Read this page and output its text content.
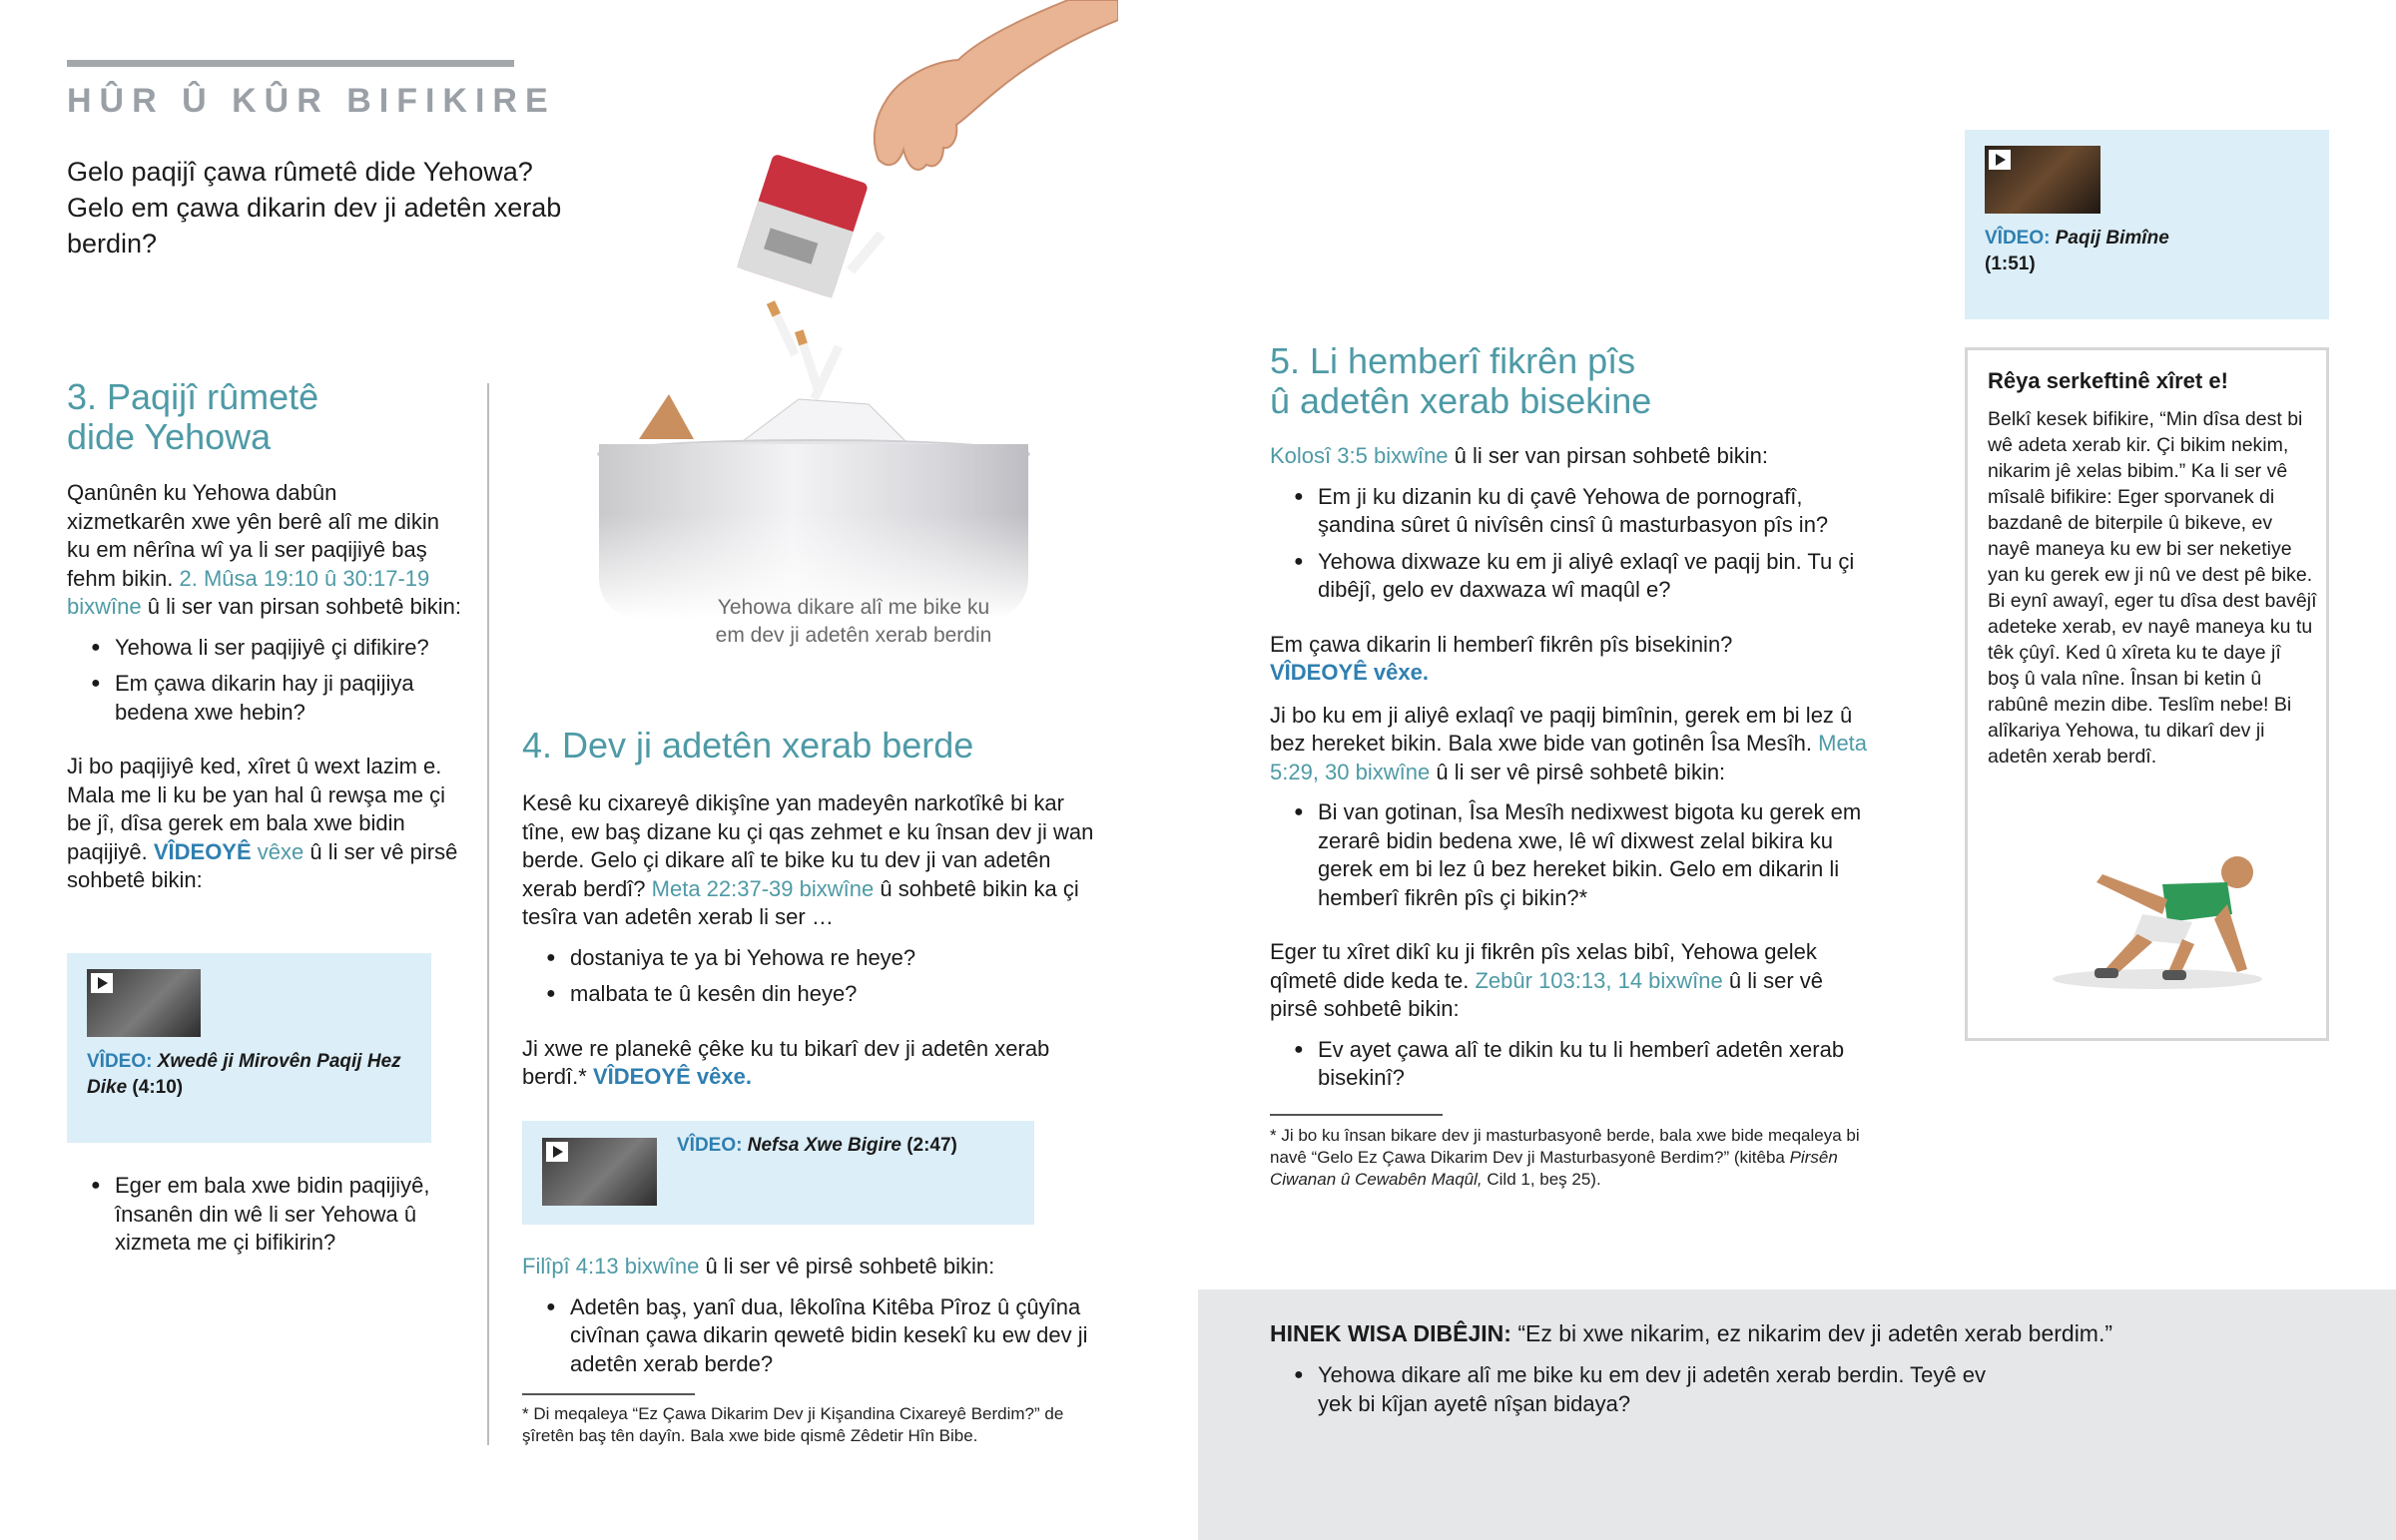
HÛR Û KÛR BIFIKIRE
Gelo paqijî çawa rûmetê dide Yehowa? Gelo em çawa dikarin dev ji adetên xerab berdin?
3. Paqijî rûmetê
dide Yehowa

Qanûnên ku Yehowa dabûn xizmetkarên xwe yên berê alî me dikin ku em nêrîna wî ya li ser paqijiyê baş fehm bikin. 2. Mûsa 19:10 û 30:17-19 bixwîne û li ser van pirsan sohbetê bikin:

● Yehowa li ser paqijiyê çi difikire?
● Em çawa dikarin hay ji paqijiya bedena xwe hebin?

Ji bo paqijiyê ked, xîret û wext lazim e. Mala me li ku be yan hal û rewşa me çi be jî, dîsa gerek em bala xwe bidin paqijiyê. VÎDEOYÊ vêxe û li ser vê pirsê sohbetê bikin:

VÎDEO: Xwedê ji Mirovên Paqij Hez Dike (4:10)
● Eger em bala xwe bidin paqijiyê, însanên din wê li ser Yehowa û xizmeta me çi bifikirin?
Yehowa dikare alî me bike ku em dev ji adetên xerab berdin
4. Dev ji adetên xerab berde

Kesê ku cixareyê dikişîne yan madeyên narkotîkê bi kar tîne, ew baş dizane ku çi qas zehmet e ku însan dev ji wan berde. Gelo çi dikare alî te bike ku tu dev ji van adetên xerab berdî? Meta 22:37-39 bixwîne û sohbetê bikin ka çi tesîra van adetên xerab li ser …

● dostaniya te ya bi Yehowa re heye?
● malbata te û kesên din heye?

Ji xwe re planekê çêke ku tu bikarî dev ji adetên xerab berdî.* VÎDEOYÊ vêxe.

VÎDEO: Nefsa Xwe Bigire (2:47)

Filîpî 4:13 bixwîne û li ser vê pirsê sohbetê bikin:

● Adetên baş, yanî dua, lêkolîna Kitêba Pîroz û çûyîna civînan çawa dikarin qewetê bidin kesekî ku ew dev ji adetên xerab berde?
* Di meqaleya “Ez Çawa Dikarim Dev ji Kişandina Cixareyê Berdim?” de şîretên baş tên dayîn. Bala xwe bide qismê Zêdetir Hîn Bibe.
5. Li hemberî fikrên pîs
û adetên xerab bisekine

Kolosî 3:5 bixwîne û li ser van pirsan sohbetê bikin:

● Em ji ku dizanin ku di çavê Yehowa de pornografî, şandina sûret û nivîsên cinsî û masturbasyon pîs in?
● Yehowa dixwaze ku em ji aliyê exlaqî ve paqij bin. Tu çi dibêjî, gelo ev daxwaza wî maqûl e?

Em çawa dikarin li hemberî fikrên pîs bisekinin?
VÎDEOYÊ vêxe.

Ji bo ku em ji aliyê exlaqî ve paqij bimînin, gerek em bi lez û bez hereket bikin. Bala xwe bide van gotinên Îsa Mesîh. Meta 5:29, 30 bixwîne û li ser vê pirsê sohbetê bikin:

● Bi van gotinan, Îsa Mesîh nedixwest bigota ku gerek em zerarê bidin bedena xwe, lê wî dixwest zelal bikira ku gerek em bi lez û bez hereket bikin. Gelo em dikarin li hemberî fikrên pîs çi bikin?*

Eger tu xîret dikî ku ji fikrên pîs xelas bibî, Yehowa gelek qîmetê dide keda te. Zebûr 103:13, 14 bixwîne û li ser vê pirsê sohbetê bikin:

● Ev ayet çawa alî te dikin ku tu li hemberî adetên xerab bisekinî?
* Ji bo ku însan bikare dev ji masturbasyonê berde, bala xwe bide meqaleya bi navê “Gelo Ez Çawa Dikarim Dev ji Masturbasyonê Berdim?” (kitêba Pirsên Ciwanan û Cewabên Maqûl, Cild 1, beş 25).
VÎDEO: Paqij Bimîne
(1:51)
Rêya serkeftinê xîret e!
Belkî kesek bifikire, “Min dîsa dest bi wê adeta xerab kir. Çi bikim nekim, nikarim jê xelas bibim.” Ka li ser vê mîsalê bifikire: Eger sporvanek di bazdanê de biterpile û bikeve, ev nayê maneya ku ew bi ser neketiye yan ku gerek ew ji nû ve dest pê bike. Bi eynî awayî, eger tu dîsa dest bavêjî adeteke xerab, ev nayê maneya ku tu têk çûyî. Ked û xîreta ku te daye jî boş û vala nîne. Însan bi ketin û rabûnê mezin dibe. Teslîm nebe! Bi alîkariya Yehowa, tu dikarî dev ji adetên xerab berdî.
HINEK WISA DIBÊJIN: “Ez bi xwe nikarim, ez nikarim dev ji adetên xerab berdim.”
● Yehowa dikare alî me bike ku em dev ji adetên xerab berdin. Teyê ev yek bi kîjan ayetê nîşan bidaya?
